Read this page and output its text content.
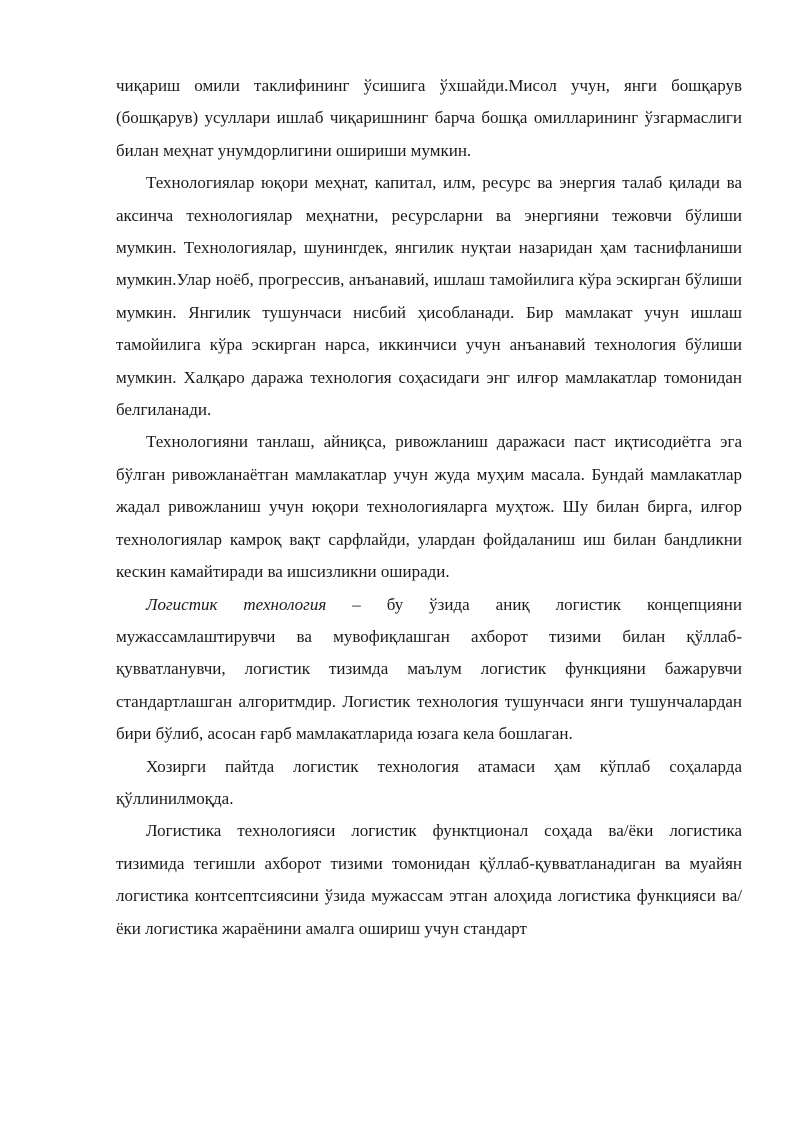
чиқариш омили таклифининг ўсишига ўхшайди.Мисол учун, янги бошқарув (бошқарув) усуллари ишлаб чиқаришнинг барча бошқа омилларининг ўзгармаслиги билан меҳнат унумдорлигини ошириши мумкин.

Технологиялар юқори меҳнат, капитал, илм, ресурс ва энергия талаб қилади ва аксинча технологиялар меҳнатни, ресурсларни ва энергияни тежовчи бўлиши мумкин. Технологиялар, шунингдек, янгилик нуқтаи назаридан ҳам таснифланиши мумкин.Улар ноёб, прогрессив, анъанавий, ишлаш тамойилига кўра эскирган бўлиши мумкин. Янгилик тушунчаси нисбий ҳисобланади. Бир мамлакат учун ишлаш тамойилига кўра эскирган нарса, иккинчиси учун анъанавий технология бўлиши мумкин. Халқаро даража технология соҳасидаги энг илғор мамлакатлар томонидан белгиланади.

Технологияни танлаш, айниқса, ривожланиш даражаси паст иқтисодиётга эга бўлган ривожланаётган мамлакатлар учун жуда муҳим масала. Бундай мамлакатлар жадал ривожланиш учун юқори технологияларга муҳтож. Шу билан бирга, илғор технологиялар камроқ вақт сарфлайди, улардан фойдаланиш иш билан бандликни кескин камайтиради ва ишсизликни оширади.

Логистик технология – бу ўзида аниқ логистик концепцияни мужассамлаштирувчи ва мувофиқлашган ахборот тизими билан қўллаб-қувватланувчи, логистик тизимда маълум логистик функцияни бажарувчи стандартлашган алгоритмдир. Логистик технология тушунчаси янги тушунчалардан бири бўлиб, асосан ғарб мамлакатларида юзага кела бошлаган.

Хозирги пайтда логистик технология атамаси ҳам кўплаб соҳаларда қўллинилмоқда.

Логистика технологияси логистик функтционал соҳада ва/ёки логистика тизимида тегишли ахборот тизими томонидан қўллаб-қувватланадиган ва муайян логистика контсептсиясини ўзида мужассам этган алоҳида логистика функцияси ва/ёки логистика жараёнини амалга ошириш учун стандарт
